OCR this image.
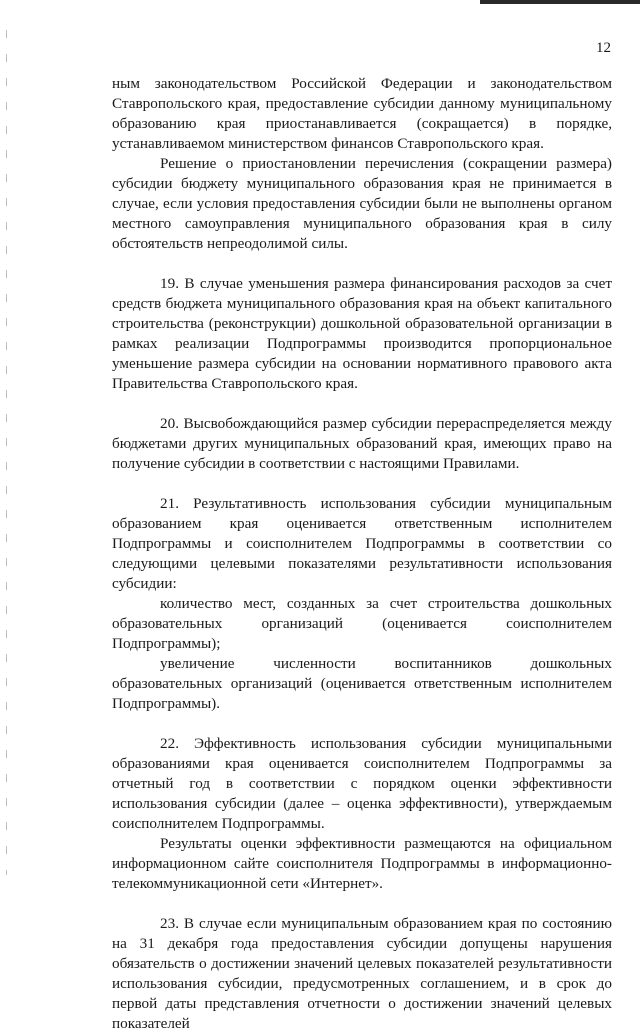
12

ным законодательством Российской Федерации и законодательством Ставропольского края, предоставление субсидии данному муниципальному образованию края приостанавливается (сокращается) в порядке, устанавливаемом министерством финансов Ставропольского края.

Решение о приостановлении перечисления (сокращении размера) субсидии бюджету муниципального образования края не принимается в случае, если условия предоставления субсидии были не выполнены органом местного самоуправления муниципального образования края в силу обстоятельств непреодолимой силы.

19. В случае уменьшения размера финансирования расходов за счет средств бюджета муниципального образования края на объект капитального строительства (реконструкции) дошкольной образовательной организации в рамках реализации Подпрограммы производится пропорциональное уменьшение размера субсидии на основании нормативного правового акта Правительства Ставропольского края.

20. Высвобождающийся размер субсидии перераспределяется между бюджетами других муниципальных образований края, имеющих право на получение субсидии в соответствии с настоящими Правилами.

21. Результативность использования субсидии муниципальным образованием края оценивается ответственным исполнителем Подпрограммы и соисполнителем Подпрограммы в соответствии со следующими целевыми показателями результативности использования субсидии:

количество мест, созданных за счет строительства дошкольных образовательных организаций (оценивается соисполнителем Подпрограммы);

увеличение численности воспитанников дошкольных образовательных организаций (оценивается ответственным исполнителем Подпрограммы).

22. Эффективность использования субсидии муниципальными образованиями края оценивается соисполнителем Подпрограммы за отчетный год в соответствии с порядком оценки эффективности использования субсидии (далее – оценка эффективности), утверждаемым соисполнителем Подпрограммы.

Результаты оценки эффективности размещаются на официальном информационном сайте соисполнителя Подпрограммы в информационно-телекоммуникационной сети «Интернет».

23. В случае если муниципальным образованием края по состоянию на 31 декабря года предоставления субсидии допущены нарушения обязательств о достижении значений целевых показателей результативности использования субсидии, предусмотренных соглашением, и в срок до первой даты представления отчетности о достижении значений целевых показателей
